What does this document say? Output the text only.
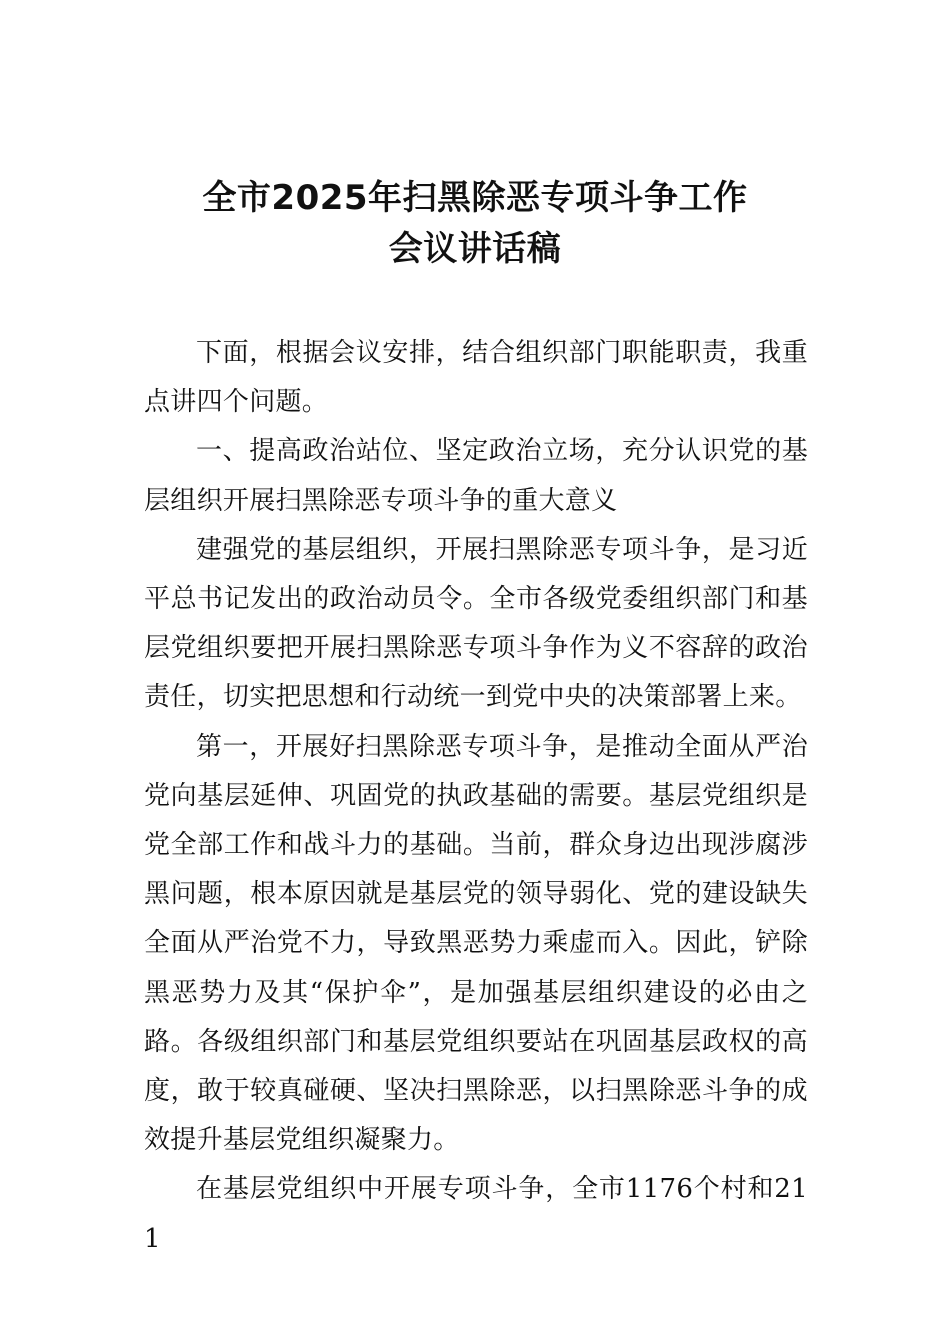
全市2025年扫黑除恶专项斗争工作
会议讲话稿

下面，根据会议安排，结合组织部门职能职责，我重点讲四个问题。

一、提高政治站位、坚定政治立场，充分认识党的基层组织开展扫黑除恶专项斗争的重大意义

建强党的基层组织，开展扫黑除恶专项斗争，是习近平总书记发出的政治动员令。全市各级党委组织部门和基层党组织要把开展扫黑除恶专项斗争作为义不容辞的政治责任，切实把思想和行动统一到党中央的决策部署上来。

第一，开展好扫黑除恶专项斗争，是推动全面从严治党向基层延伸、巩固党的执政基础的需要。基层党组织是党全部工作和战斗力的基础。当前，群众身边出现涉腐涉黑问题，根本原因就是基层党的领导弱化、党的建设缺失全面从严治党不力，导致黑恶势力乘虚而入。因此，铲除黑恶势力及其“保护伞”，是加强基层组织建设的必由之路。各级组织部门和基层党组织要站在巩固基层政权的高度，敢于较真碰硬、坚决扫黑除恶，以扫黑除恶斗争的成效提升基层党组织凝聚力。

在基层党组织中开展专项斗争，全市1176个村和211
